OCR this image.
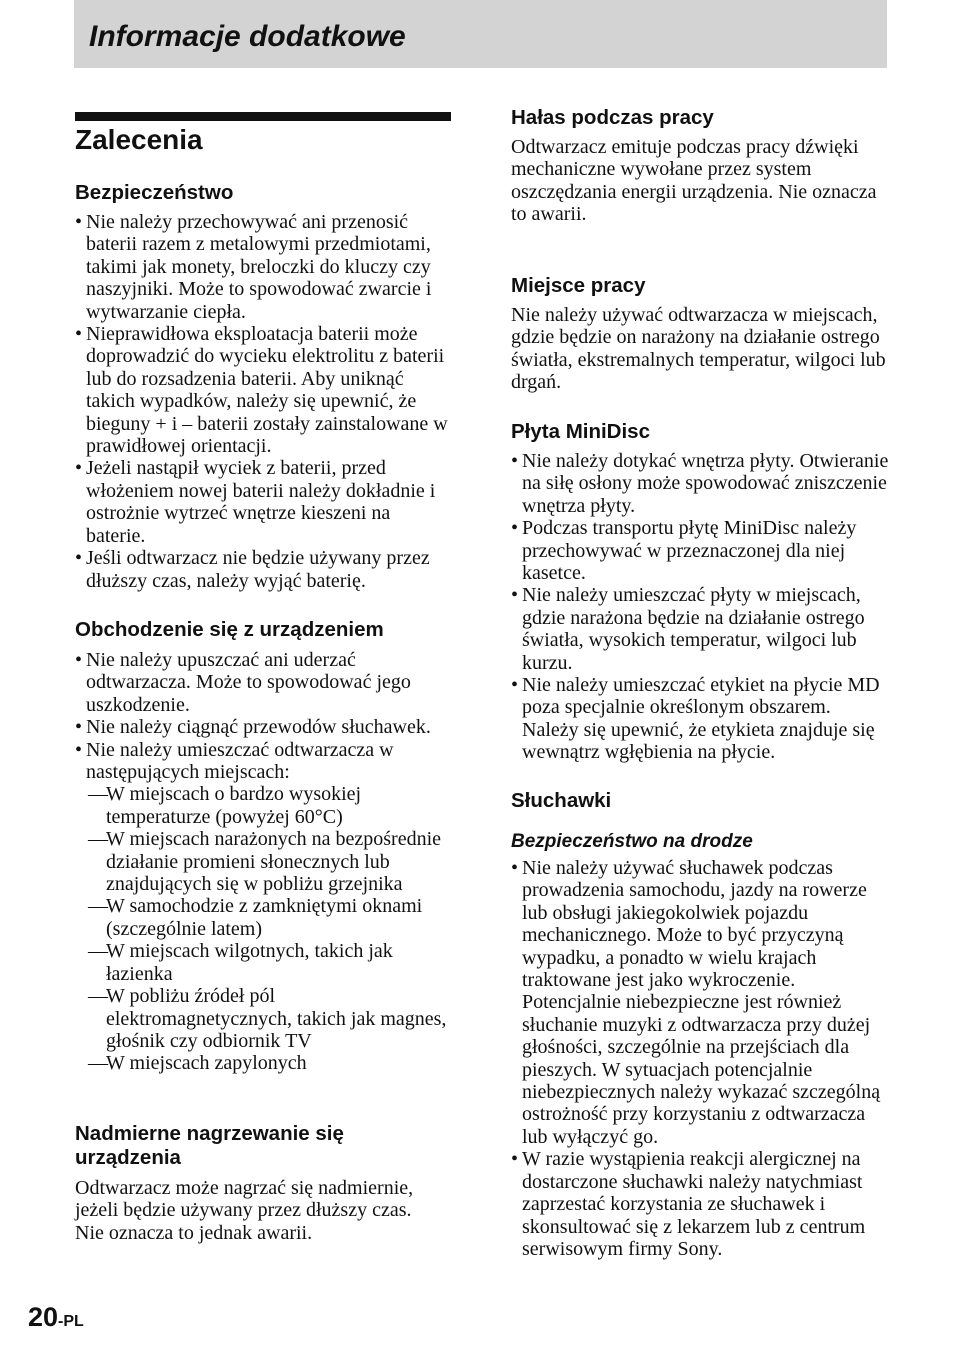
Informacje dodatkowe
Zalecenia
Bezpieczeństwo
• Nie należy przechowywać ani przenosić baterii razem z metalowymi przedmiotami, takimi jak monety, breloczki do kluczy czy naszyjniki. Może to spowodować zwarcie i wytwarzanie ciepła.
• Nieprawidłowa eksploatacja baterii może doprowadzić do wycieku elektrolitu z baterii lub do rozsadzenia baterii. Aby uniknąć takich wypadków, należy się upewnić, że bieguny + i – baterii zostały zainstalowane w prawidłowej orientacji.
• Jeżeli nastąpił wyciek z baterii, przed włożeniem nowej baterii należy dokładnie i ostrożnie wytrzeć wnętrze kieszeni na baterie.
• Jeśli odtwarzacz nie będzie używany przez dłuższy czas, należy wyjąć baterię.
Obchodzenie się z urządzeniem
• Nie należy upuszczać ani uderzać odtwarzacza. Może to spowodować jego uszkodzenie.
• Nie należy ciągnąć przewodów słuchawek.
• Nie należy umieszczać odtwarzacza w następujących miejscach:
— W miejscach o bardzo wysokiej temperaturze (powyżej 60°C)
— W miejscach narażonych na bezpośrednie działanie promieni słonecznych lub znajdujących się w pobliżu grzejnika
— W samochodzie z zamkniętymi oknami (szczególnie latem)
— W miejscach wilgotnych, takich jak łazienka
— W pobliżu źródeł pól elektromagnetycznych, takich jak magnes, głośnik czy odbiornik TV
— W miejscach zapylonych
Nadmierne nagrzewanie się urządzenia

Odtwarzacz może nagrzać się nadmiernie, jeżeli będzie używany przez dłuższy czas. Nie oznacza to jednak awarii.

Hałas podczas pracy

Odtwarzacz emituje podczas pracy dźwięki mechaniczne wywołane przez system oszczędzania energii urządzenia. Nie oznacza to awarii.

Miejsce pracy

Nie należy używać odtwarzacza w miejscach, gdzie będzie on narażony na działanie ostrego światła, ekstremalnych temperatur, wilgoci lub drgań.

Płyta MiniDisc
• Nie należy dotykać wnętrza płyty. Otwieranie na siłę osłony może spowodować zniszczenie wnętrza płyty.
• Podczas transportu płytę MiniDisc należy przechowywać w przeznaczonej dla niej kasetce.
• Nie należy umieszczać płyty w miejscach, gdzie narażona będzie na działanie ostrego światła, wysokich temperatur, wilgoci lub kurzu.
• Nie należy umieszczać etykiet na płycie MD poza specjalnie określonym obszarem. Należy się upewnić, że etykieta znajduje się wewnątrz wgłębienia na płycie.
Słuchawki
Bezpieczeństwo na drodze
• Nie należy używać słuchawek podczas prowadzenia samochodu, jazdy na rowerze lub obsługi jakiegokolwiek pojazdu mechanicznego. Może to być przyczyną wypadku, a ponadto w wielu krajach traktowane jest jako wykroczenie. Potencjalnie niebezpieczne jest również słuchanie muzyki z odtwarzacza przy dużej głośności, szczególnie na przejściach dla pieszych. W sytuacjach potencjalnie niebezpiecznych należy wykazać szczególną ostrożność przy korzystaniu z odtwarzacza lub wyłączyć go.
• W razie wystąpienia reakcji alergicznej na dostarczone słuchawki należy natychmiast zaprzestać korzystania ze słuchawek i skonsultować się z lekarzem lub z centrum serwisowym firmy Sony.
20-PL
